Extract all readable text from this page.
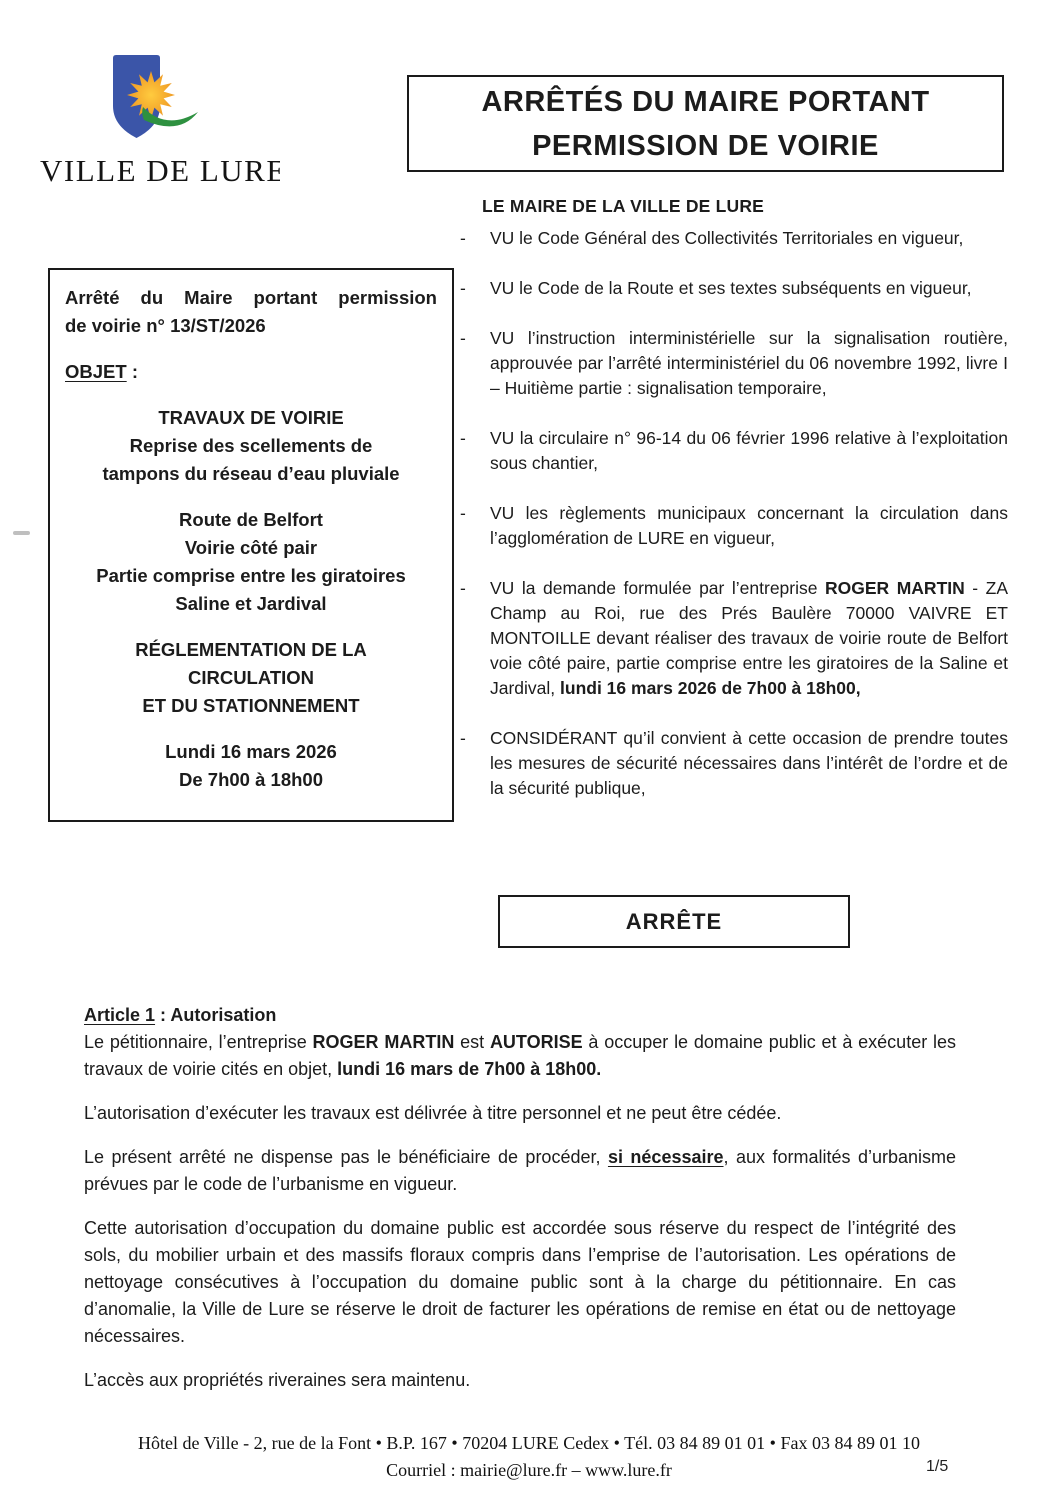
VILLE DE LURE
ARRÊTÉS DU MAIRE PORTANT
PERMISSION DE VOIRIE
LE MAIRE DE LA VILLE DE LURE
Arrêté du Maire portant permission
de voirie n° 13/ST/2026
OBJET :
TRAVAUX DE VOIRIE
Reprise des scellements de
tampons du réseau d’eau pluviale
Route de Belfort
Voirie côté pair
Partie comprise entre les giratoires
Saline et Jardival
RÉGLEMENTATION DE LA
CIRCULATION
ET DU STATIONNEMENT
Lundi 16 mars 2026
De 7h00 à 18h00
-	VU le Code Général des Collectivités Territoriales en vigueur,
-	VU le Code de la Route et ses textes subséquents en vigueur,
-	VU l’instruction interministérielle sur la signalisation routière, approuvée par l’arrêté interministériel du 06 novembre 1992, livre I – Huitième partie : signalisation temporaire,
-	VU la circulaire n° 96-14 du 06 février 1996 relative à l’exploitation sous chantier,
-	VU les règlements municipaux concernant la circulation dans l’agglomération de LURE en vigueur,
-	VU la demande formulée par l’entreprise ROGER MARTIN - ZA Champ au Roi, rue des Prés Baulère 70000 VAIVRE ET MONTOILLE devant réaliser des travaux de voirie route de Belfort voie côté paire, partie comprise entre les giratoires de la Saline et Jardival, lundi 16 mars 2026 de 7h00 à 18h00,
-	CONSIDÉRANT qu’il convient à cette occasion de prendre toutes les mesures de sécurité nécessaires dans l’intérêt de l’ordre et de la sécurité publique,
ARRÊTE
Article 1 : Autorisation

Le pétitionnaire, l’entreprise ROGER MARTIN est AUTORISE à occuper le domaine public et à exécuter les travaux de voirie cités en objet, lundi 16 mars de 7h00 à 18h00.

L’autorisation d’exécuter les travaux est délivrée à titre personnel et ne peut être cédée.

Le présent arrêté ne dispense pas le bénéficiaire de procéder, si nécessaire, aux formalités d’urbanisme prévues par le code de l’urbanisme en vigueur.

Cette autorisation d’occupation du domaine public est accordée sous réserve du respect de l’intégrité des sols, du mobilier urbain et des massifs floraux compris dans l’emprise de l’autorisation. Les opérations de nettoyage consécutives à l’occupation du domaine public sont à la charge du pétitionnaire. En cas d’anomalie, la Ville de Lure se réserve le droit de facturer les opérations de remise en état ou de nettoyage nécessaires.

L’accès aux propriétés riveraines sera maintenu.

Hôtel de Ville - 2, rue de la Font • B.P. 167 • 70204 LURE Cedex • Tél. 03 84 89 01 01 • Fax 03 84 89 01 10
Courriel : mairie@lure.fr – www.lure.fr	1/5
